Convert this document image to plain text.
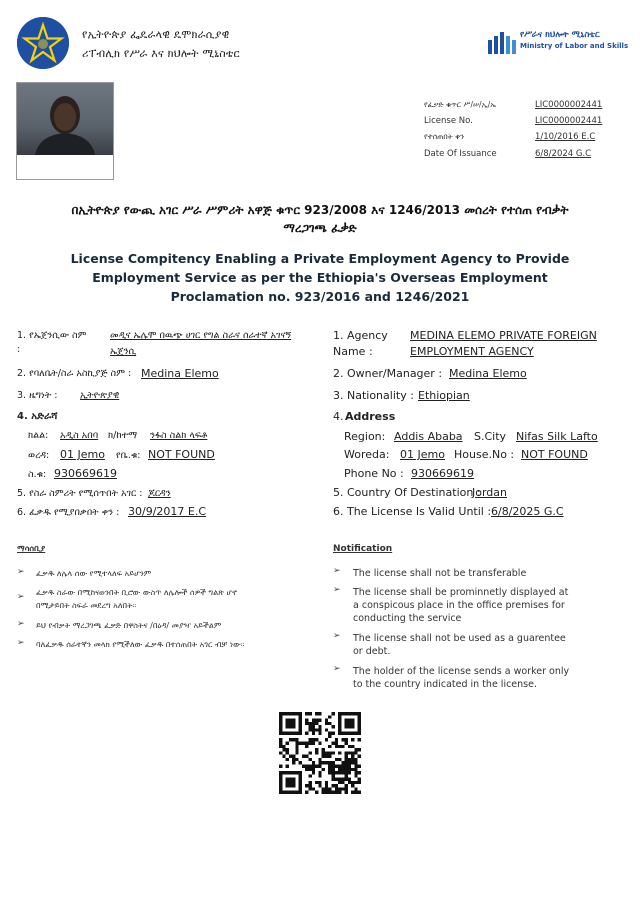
የኢትዮጵያ ፌዴራላዊ ዴሞክራሲያዊ
ሪፐብሊክ የሥራ እና ክህሎት ሚኒስቴር
የሥራና ክህሎት ሚኒስቴር
Ministry of Labor and Skills
የፈቃድ ቁጥር ሥ/ሠ/ኢ/ኤ	LIC0000002441
License No.	LIC0000002441
የተሰጠበት ቀን	1/10/2016 E.C
Date Of Issuance	6/8/2024 G.C
በኢትዮጵያ የውጪ አገር ሥራ ሥምሪት አዋጅ ቁጥር 923/2008 እና 1246/2013 መሰረት የተሰጠ የብቃት
ማረጋገጫ ፈቃድ
License Compitency Enabling a Private Employment Agency to Provide
Employment Service as per the Ethiopia's Overseas Employment
Proclamation no. 923/2016 and 1246/2021
1. የኤጀንሲው ስም
:
መዲና ኤሌሞ በዉጭ ሀገር የግል ስራና ሰራተኛ አገናኝ
ኤጀንሲ
2. የባለቤት/ስራ አስኪያጅ ስም : Medina Elemo
3. ዜግነት : ኢትዮጵያዊ
4. አድራሻ
ክልል: አዲስ አበባ ክ/ከተማ ንፋስ ስልክ ላፍቶ
ወረዳ: 01 Jemo የቤ.ቁ: NOT FOUND
ስ.ቁ: 930669619
5. የስራ ስምሪት የሚሰጥበት አገር : ጆርዳን
6. ፈቃዱ የሚያበቃበት ቀን : 30/9/2017 E.C
1. Agency
Name :
MEDINA ELEMO PRIVATE FOREIGN
EMPLOYMENT AGENCY
2. Owner/Manager : Medina Elemo
3. Nationality : Ethiopian
4. Address
Region: Addis Ababa S.City Nifas Silk Lafto
Woreda: 01 Jemo House.No : NOT FOUND
Phone No : 930669619
5. Country Of Destination :
Jordan
6. The License Is Valid Until : 6/8/2025 G.C
ማሳሰቢያ
➢ ፈቃዱ ለሌላ ሰው የሚተላለፍ አይሆንም
➢ ፈቃዱ ስራው በሚከናወንበት ቢሮው ውስጥ ለሌሎች ሰዎች ግልጽ ሆኖ
በሚታይበት ስፍራ መደረግ አለበት።
➢ ይህ የብቃት ማረጋገጫ ፈቃድ በዋስትና /በዕዳ/ መያዣ አይችልም
➢ ባለፈቃዱ ሰራተኛን መላክ የሚችለው ፈቃዱ በተሰጠበት አገር ብቻ ነው።
Notification
➢ The license shall not be transferable
➢ The license shall be prominnetly displayed at
a conspicous place in the office premises for
conducting the service
➢ The license shall not be used as a guarentee
or debt.
➢ The holder of the license sends a worker only
to the country indicated in the license.
